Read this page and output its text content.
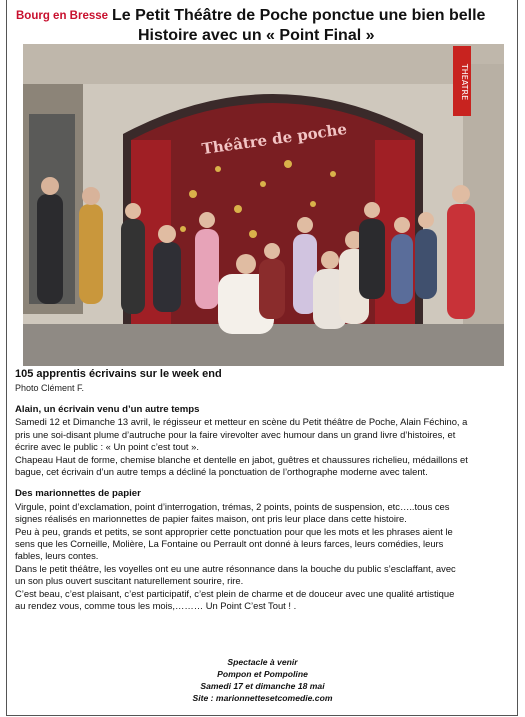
Bourg en Bresse Le Petit Théâtre de Poche ponctue une bien belle
Histoire avec un « Point Final »
THEATRE
Théâtre de poche
105 apprentis écrivains sur le week end
Photo Clément F.
Alain, un écrivain venu d’un autre temps

Samedi 12 et Dimanche 13 avril, le régisseur et metteur en scène du Petit théâtre de Poche, Alain Féchino, a

pris une soi-disant plume d’autruche pour la faire virevolter avec humour dans un grand livre d’histoires, et

écrire avec le public : « Un point c’est tout ».

Chapeau Haut de forme, chemise blanche et dentelle en jabot, guêtres et chaussures richelieu, médaillons et

bague, cet écrivain d’un autre temps a décliné la ponctuation de l’orthographe moderne avec talent.

Des marionnettes de papier

Virgule, point d’exclamation, point d’interrogation, trémas, 2 points, points de suspension, etc…..tous ces

signes réalisés en marionnettes de papier faites maison, ont pris leur place dans cette histoire.

Peu à peu, grands et petits, se sont approprier cette ponctuation pour que les mots et les phrases aient le

sens que les Corneille, Molière, La Fontaine ou Perrault ont donné à leurs farces, leurs comédies, leurs

fables, leurs contes.

Dans le petit théâtre, les voyelles ont eu une autre résonnance dans la bouche du public s’esclaffant, avec

un son plus ouvert suscitant naturellement sourire, rire.

C’est beau, c’est plaisant, c’est participatif, c’est plein de charme et de douceur avec une qualité artistique

au rendez vous, comme tous les mois,……… Un Point C’est Tout ! .

Spectacle à venir
Pompon et Pompoline
Samedi 17 et dimanche 18 mai
Site : marionnettesetcomedie.com
